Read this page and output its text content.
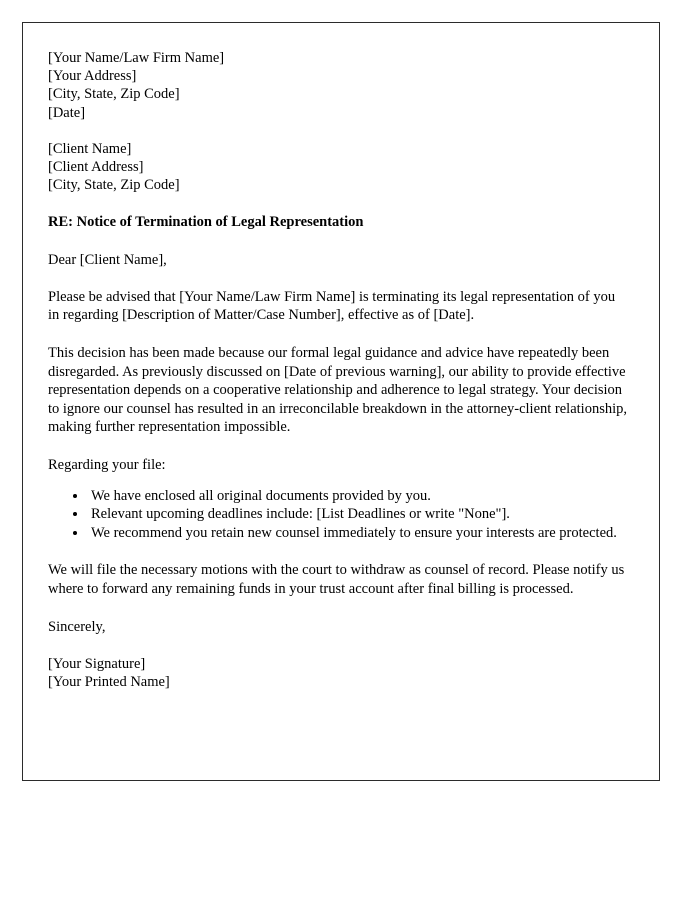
[Your Name/Law Firm Name]
[Your Address]
[City, State, Zip Code]
[Date]
[Client Name]
[Client Address]
[City, State, Zip Code]
RE: Notice of Termination of Legal Representation
Dear [Client Name],

Please be advised that [Your Name/Law Firm Name] is terminating its legal representation of you in regarding [Description of Matter/Case Number], effective as of [Date].

This decision has been made because our formal legal guidance and advice have repeatedly been disregarded. As previously discussed on [Date of previous warning], our ability to provide effective representation depends on a cooperative relationship and adherence to legal strategy. Your decision to ignore our counsel has resulted in an irreconcilable breakdown in the attorney-client relationship, making further representation impossible.

Regarding your file:

• We have enclosed all original documents provided by you.
• Relevant upcoming deadlines include: [List Deadlines or write "None"].
• We recommend you retain new counsel immediately to ensure your interests are protected.

We will file the necessary motions with the court to withdraw as counsel of record. Please notify us where to forward any remaining funds in your trust account after final billing is processed.

Sincerely,
[Your Signature]
[Your Printed Name]
